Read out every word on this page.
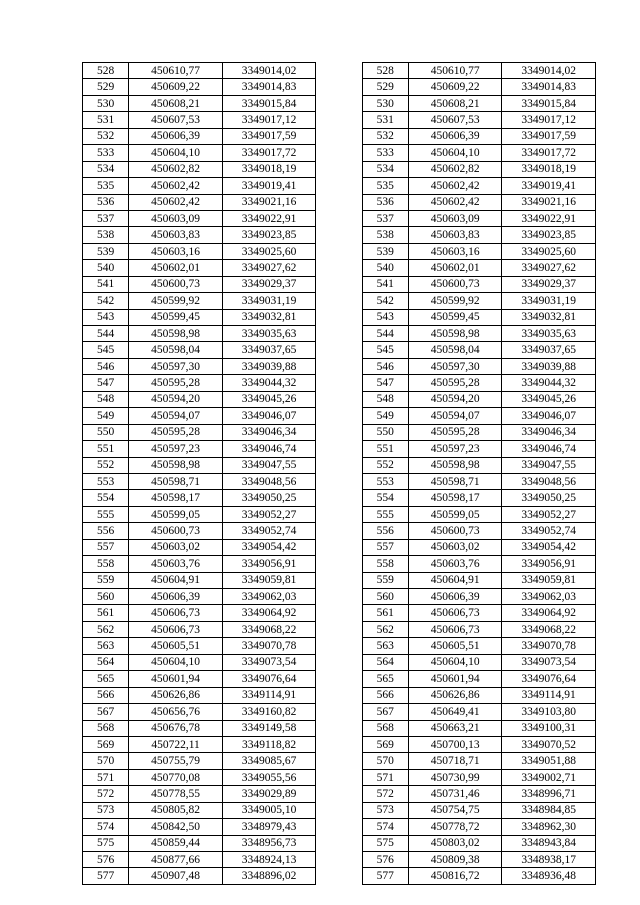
528	450610,77	3349014,02		528	450610,77	3349014,02
529	450609,22	3349014,83		529	450609,22	3349014,83
530	450608,21	3349015,84		530	450608,21	3349015,84
531	450607,53	3349017,12		531	450607,53	3349017,12
532	450606,39	3349017,59		532	450606,39	3349017,59
533	450604,10	3349017,72		533	450604,10	3349017,72
534	450602,82	3349018,19		534	450602,82	3349018,19
535	450602,42	3349019,41		535	450602,42	3349019,41
536	450602,42	3349021,16		536	450602,42	3349021,16
537	450603,09	3349022,91		537	450603,09	3349022,91
538	450603,83	3349023,85		538	450603,83	3349023,85
539	450603,16	3349025,60		539	450603,16	3349025,60
540	450602,01	3349027,62		540	450602,01	3349027,62
541	450600,73	3349029,37		541	450600,73	3349029,37
542	450599,92	3349031,19		542	450599,92	3349031,19
543	450599,45	3349032,81		543	450599,45	3349032,81
544	450598,98	3349035,63		544	450598,98	3349035,63
545	450598,04	3349037,65		545	450598,04	3349037,65
546	450597,30	3349039,88		546	450597,30	3349039,88
547	450595,28	3349044,32		547	450595,28	3349044,32
548	450594,20	3349045,26		548	450594,20	3349045,26
549	450594,07	3349046,07		549	450594,07	3349046,07
550	450595,28	3349046,34		550	450595,28	3349046,34
551	450597,23	3349046,74		551	450597,23	3349046,74
552	450598,98	3349047,55		552	450598,98	3349047,55
553	450598,71	3349048,56		553	450598,71	3349048,56
554	450598,17	3349050,25		554	450598,17	3349050,25
555	450599,05	3349052,27		555	450599,05	3349052,27
556	450600,73	3349052,74		556	450600,73	3349052,74
557	450603,02	3349054,42		557	450603,02	3349054,42
558	450603,76	3349056,91		558	450603,76	3349056,91
559	450604,91	3349059,81		559	450604,91	3349059,81
560	450606,39	3349062,03		560	450606,39	3349062,03
561	450606,73	3349064,92		561	450606,73	3349064,92
562	450606,73	3349068,22		562	450606,73	3349068,22
563	450605,51	3349070,78		563	450605,51	3349070,78
564	450604,10	3349073,54		564	450604,10	3349073,54
565	450601,94	3349076,64		565	450601,94	3349076,64
566	450626,86	3349114,91		566	450626,86	3349114,91
567	450656,76	3349160,82		567	450649,41	3349103,80
568	450676,78	3349149,58		568	450663,21	3349100,31
569	450722,11	3349118,82		569	450700,13	3349070,52
570	450755,79	3349085,67		570	450718,71	3349051,88
571	450770,08	3349055,56		571	450730,99	3349002,71
572	450778,55	3349029,89		572	450731,46	3348996,71
573	450805,82	3349005,10		573	450754,75	3348984,85
574	450842,50	3348979,43		574	450778,72	3348962,30
575	450859,44	3348956,73		575	450803,02	3348943,84
576	450877,66	3348924,13		576	450809,38	3348938,17
577	450907,48	3348896,02		577	450816,72	3348936,48
